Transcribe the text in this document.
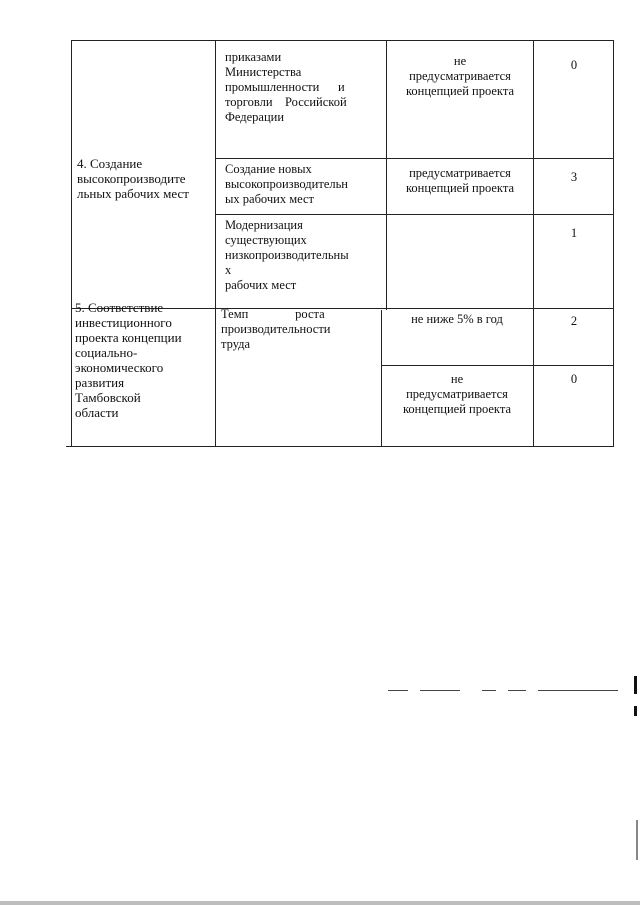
4. Создание
высокопроизводите
льных рабочих мест
приказами
Министерства
промышленности      и
торговли    Российской
Федерации
не
предусматривается
концепцией проекта
0
Создание новых
высокопроизводительн
ых рабочих мест
предусматривается
концепцией проекта
3
Модернизация
существующих
низкопроизводительны
х
рабочих мест
1
5. Соответствие
инвестиционного
проекта концепции
социально-
экономического
развития
Тамбовской
области
Темп               роста
производительности
труда
не ниже 5% в год	2
не
предусматривается
концепцией проекта
0
